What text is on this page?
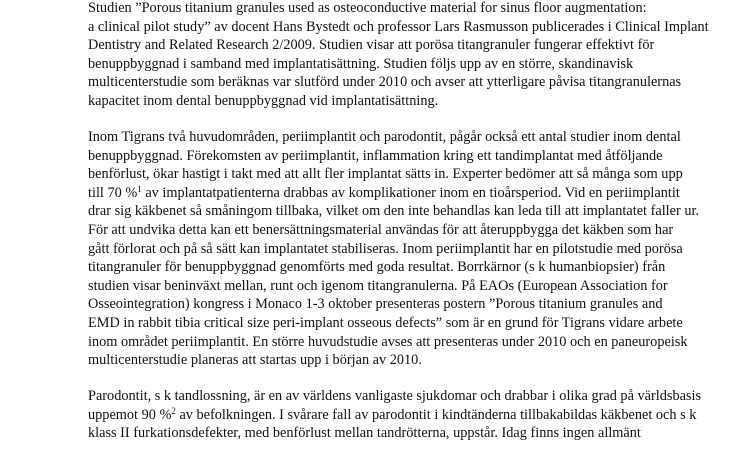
Studien ”Porous titanium granules used as osteoconductive material for sinus floor augmentation:
a clinical pilot study” av docent Hans Bystedt och professor Lars Rasmusson publicerades i Clinical Implant
Dentistry and Related Research 2/2009. Studien visar att porösa titangranuler fungerar effektivt för
benuppbyggnad i samband med implantatisättning. Studien följs upp av en större, skandinavisk
multicenterstudie som beräknas var slutförd under 2010 och avser att ytterligare påvisa titangranulernas
kapacitet inom dental benuppbyggnad vid implantatisättning.
Inom Tigrans två huvudområden, periimplantit och parodontit, pågår också ett antal studier inom dental
benuppbyggnad. Förekomsten av periimplantit, inflammation kring ett tandimplantat med åtföljande
benförlust, ökar hastigt i takt med att allt fler implantat sätts in. Experter bedömer att så många som upp
till 70 %$^1$ av implantatpatienterna drabbas av komplikationer inom en tioårsperiod. Vid en periimplantit
drar sig käkbenet så småningom tillbaka, vilket om den inte behandlas kan leda till att implantatet faller ur.
För att undvika detta kan ett benersättningsmaterial användas för att återuppbygga det käkben som har
gått förlorat och på så sätt kan implantatet stabiliseras. Inom periimplantit har en pilotstudie med porösa
titangranuler för benuppbyggnad genomförts med goda resultat. Borrkärnor (s k humanbiopsier) från
studien visar beninväxt mellan, runt och igenom titangranulerna. På EAOs (European Association for
Osseointegration) kongress i Monaco 1-3 oktober presenteras postern ”Porous titanium granules and
EMD in rabbit tibia critical size peri-implant osseous defects” som är en grund för Tigrans vidare arbete
inom området periimplantit. En större huvudstudie avses att presenteras under 2010 och en paneuropeisk
multicenterstudie planeras att startas upp i början av 2010.
Parodontit, s k tandlossning, är en av världens vanligaste sjukdomar och drabbar i olika grad på världsbasis
uppemot 90 %$^2$ av befolkningen. I svårare fall av parodontit i kindtänderna tillbakabildas käkbenet och s k
klass II furkationsdefekter, med benförlust mellan tandrötterna, uppstår. Idag finns ingen allmänt
